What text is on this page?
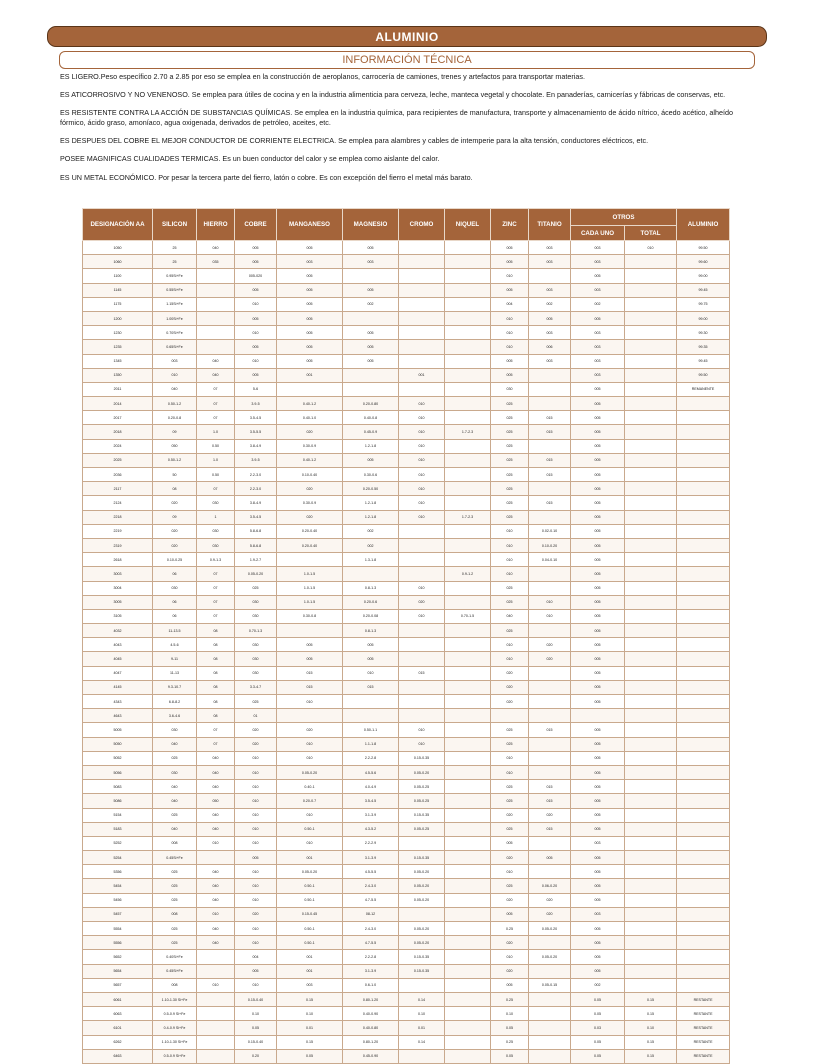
ALUMINIO
INFORMACIÓN TÉCNICA

ES LIGERO.Peso específico 2.70 a 2.85 por eso se emplea en la construcción de aeroplanos, carrocería de camiones, trenes y artefactos para transportar materias.

ES ATICORROSIVO Y NO VENENOSO. Se emplea para útiles de cocina y en la industria alimenticia para cerveza, leche, manteca vegetal y chocolate. En panaderías, carnicerías y fábricas de conservas, etc.

ES RESISTENTE CONTRA LA ACCIÓN DE SUBSTANCIAS QUÍMICAS. Se emplea en la industria química, para recipientes de manufactura, transporte y almacenamiento de ácido nítrico, ácedo acético, alheído fórmico, ácido graso, amoníaco, agua oxigenada, derivados de petróleo, aceites, etc.

ES DESPUES DEL COBRE EL MEJOR CONDUCTOR DE CORRIENTE ELECTRICA. Se emplea para alambres y cables de intemperie para la alta tensión, conductores eléctricos, etc.

POSEE MAGNIFICAS CUALIDADES TERMICAS. Es un buen conductor del calor y se emplea como aislante del calor.

ES UN METAL ECONÓMICO. Por pesar la tercera parte del fierro, latón o cobre. Es con excepción del fierro el metal más barato.

DESIGNACIÓN AA	SILICON	HIERRO	COBRE	MANGANESO	MAGNESIO	CROMO	NIQUEL	ZINC	TITANIO	OTROS		ALUMINIO
										CADA UNO	TOTAL	
1050	25	040	005	005	005			005	003	003	010	99.50
1060	25	035	005	003	003			005	003	003		99.60
1100	0.95Si+Fe		005-020	005				010		005		99.00
1145	0.55Si+Fe		005	005	005			005	003	003		99.45
1175	1.15Si+Fe		010	005	002			004	002	002		99.75
1200	1.00Si+Fe		005	005				010	005	005		99.00
1230	0.70Si+Fe		010	005	005			010	003	003		99.30
1235	0.65Si+Fe		005	005	005			010	006	003		99.35
1345	003	040	010	005	005			005	003	003		99.45
1350	010	040	005	001		001		005		003		99.50
2011	040	07	5-6					030		005		REMANENTE
2014	0.50-1.2	07	3.9-5	0.40-1.2	0.20-0.80	010		025		005		
2017	0.20-0.8	07	3.5-4.5	0.40-1.0	0.40-0.8	010		025	015	005		
2018	09	1.0	3.5-5.5	020	0.45-0.9	010	1.7-2.3	025	015	005		
2024	050	0.50	3.8-4.9	0.30-0.9	1.2-1.8	010		025		005		
2025	0.50-1.2	1.0	3.9-5	0.40-1.2	005	010		025	015	005		
2036	50	0.50	2.2-3.0	0.10-0.40	0.30-0.6	010		025	015	005		
2117	08	07	2.2-3.0	020	0.20-0.50	010		025		005		
2124	020	030	3.8-4.9	0.30-0.9	1.2-1.8	010		025	015	005		
2218	09	1	3.5-4.5	020	1.2-1.8	010	1.7-2.3	025		005		
2219	020	030	5.8-6.8	0.20-0.40	002			010	0.02-0.10	005		
2319	020	030	5.8-6.8	0.20-0.40	002			010	0.10-0.20	005		
2618	0.10-0.25	0.9-1.3	1.9-2.7		1.3-1.8			010	0.04-0.10	005		
3003	06	07	0.05-0.20	1.0-1.5			0.9-1.2	010		005		
3004	030	07	025	1.0-1.5	0.8-1.3	010		025		005		
3005	06	07	030	1.0-1.5	0.20-0.6	020		025	010	005		
3105	06	07	030	0.30-0.8	0.20-0.08	010	0.70-1.5	040	010	005		
4032	11-13.5	08	0.70-1.3		0.8-1.3			025		005		
4043	4.5-6	08	030	005	005			010	020	005		
4045	9-11	08	030	005	005			010	020	005		
4047	11-13	08	030	015	010	015		020		005		
4145	9.3-10.7	08	3.3-4.7	015	015			020		005		
4343	6.8-8.2	08	025	010				020		005		
4643	3.6-4.6	08	01									
5005	030	07	020	020	0.50-1.1	010		025	015	005		
5050	040	07	020	010	1.1-1.8	010		025		005		
5052	025	040	010	010	2.2-2.8	0.15-0.35		010		005		
5056	030	040	010	0.05-0.20	4.5-5.6	0.05-0.20		010		005		
5083	040	040	010	0.40-1	4.0-4.9	0.05-0.25		025	015	005		
5086	040	050	010	0.20-0.7	3.5-4.5	0.05-0.25		025	015	005		
5154	025	040	010	010	3.1-3.9	0.15-0.35		020	020	005		
5183	040	040	010	0.50-1	4.3-5.2	0.05-0.25		025	015	005		
5252	008	010	010	010	2.2-2.9			005		003		
5254	0.45Si+Fe		005	001	3.1-3.9	0.15-0.35		020	005	005		
5356	025	040	010	0.05-0.20	4.5-5.5	0.05-0.20		010		005		
5454	025	040	010	0.50-1	2.4-3.0	0.05-0.20		025	0.06-0.20	005		
5456	025	040	010	0.50-1	4.7-5.5	0.05-0.20		020	020	005		
5457	008	010	020	0.15-0.45	08-12			005	020	003		
5554	025	040	010	0.50-1	2.4-3.0	0.05-0.20		0.25	0.05-0.20	005		
5556	025	040	010	0.50-1	4.7-5.5	0.05-0.20		020		005		
5652	0.40Si+Fe		004	001	2.2-2.8	0.15-0.35		010	0.05-0.20	005		
5654	0.45Si+Fe		005	001	3.1-3.9	0.15-0.35		020		005		
5657	008	010	010	003	0.6-1.0			005	0.05-0.15	002		
6061	1.10-1.30 Si+Fe		0.15-0.40	0.15	0.80-1.20	0.14		0.25		0.05	0.15	RESTANTE
6063	0.5-0.9 Si+Fe		0.10	0.10	0.40-0.90	0.10		0.10		0.05	0.15	RESTANTE
6101	0.4-0.9 Si+Fe		0.05	0.01	0.40-0.80	0.01		0.05		0.03	0.10	RESTANTE
6262	1.10-1.30 Si+Fe		0.15-0.40	0.15	0.80-1.20	0.14		0.25		0.05	0.15	RESTANTE
6463	0.5-0.9 Si+Fe		0.20	0.05	0.45-0.90			0.05		0.05	0.15	RESTANTE
